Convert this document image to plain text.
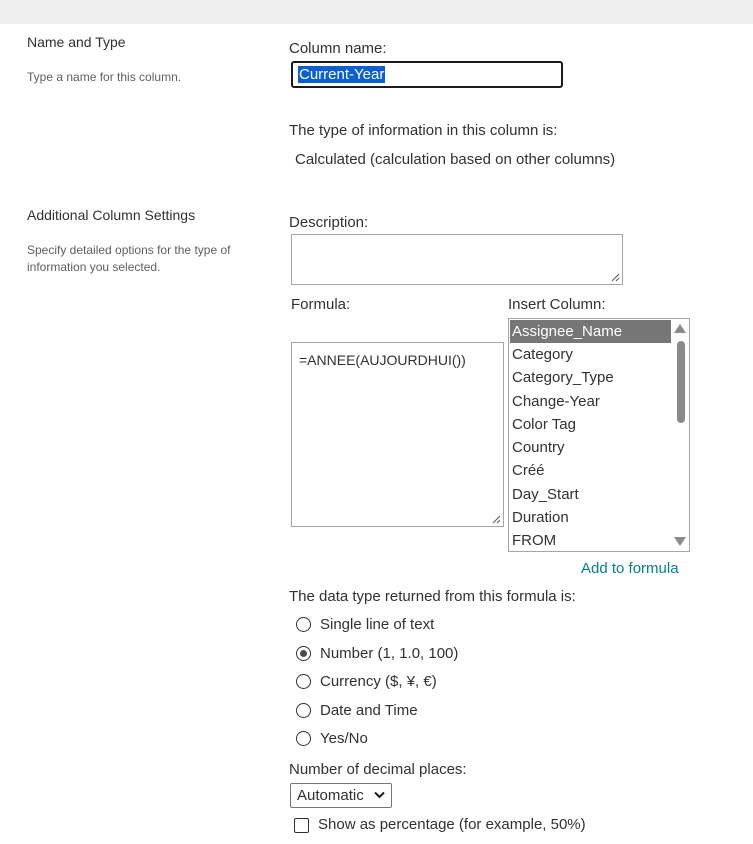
Name and Type
Type a name for this column.
Column name:
Current-Year
The type of information in this column is:
Calculated (calculation based on other columns)
Additional Column Settings
Specify detailed options for the type of information you selected.
Description:
Formula:
=ANNEE(AUJOURDHUI())
Insert Column:
Assignee_Name
Category
Category_Type
Change-Year
Color Tag
Country
Créé
Day_Start
Duration
FROM
Add to formula
The data type returned from this formula is:
Single line of text
Number (1, 1.0, 100)
Currency ($, ¥, €)
Date and Time
Yes/No
Number of decimal places:
Automatic
Show as percentage (for example, 50%)
